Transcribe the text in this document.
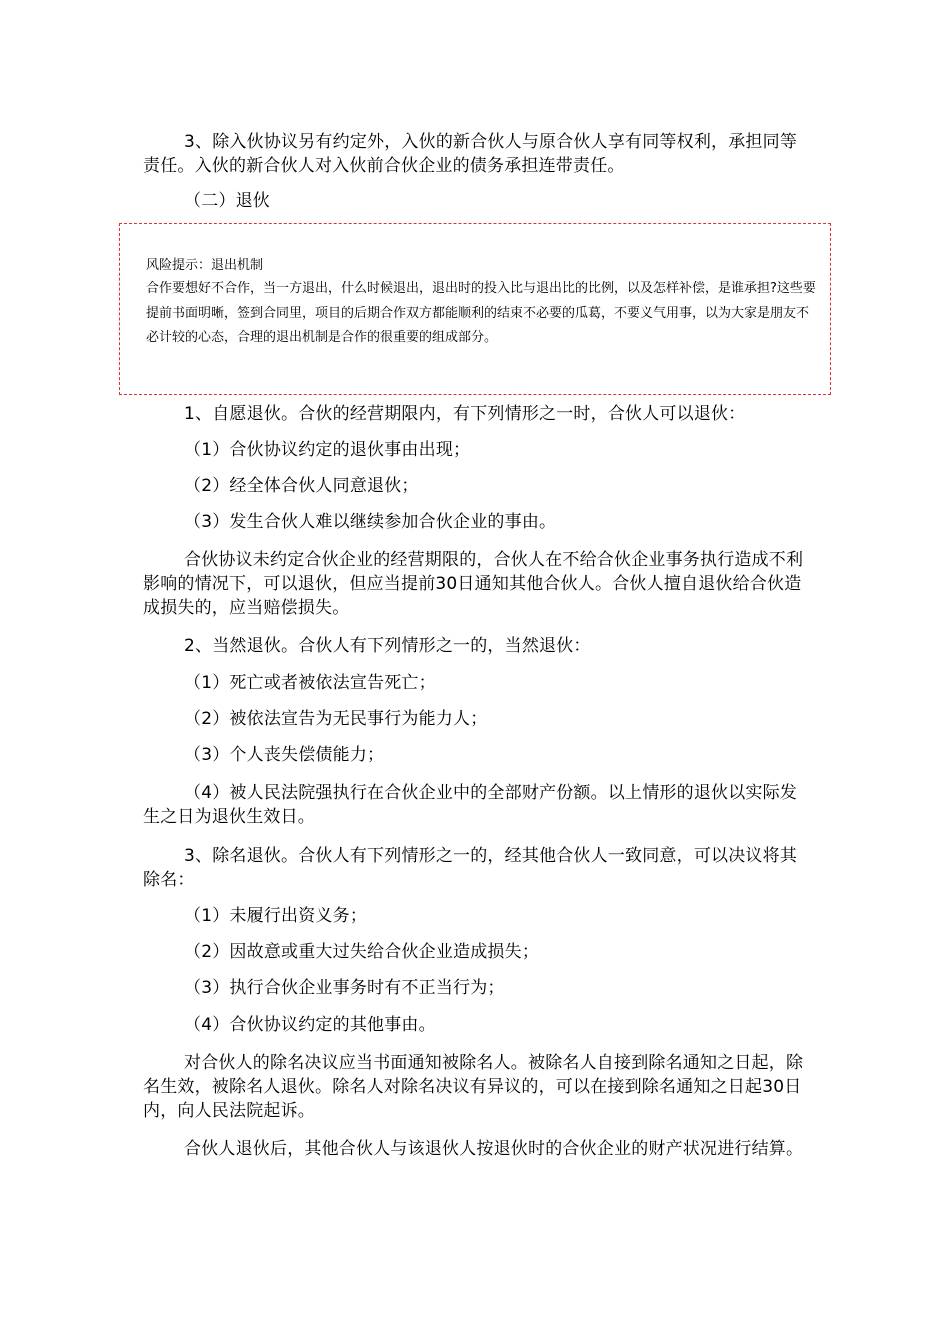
3、除入伙协议另有约定外，入伙的新合伙人与原合伙人享有同等权利，承担同等责任。入伙的新合伙人对入伙前合伙企业的债务承担连带责任。

（二）退伙

风险提示：退出机制

合作要想好不合作，当一方退出，什么时候退出，退出时的投入比与退出比的比例，以及怎样补偿，是谁承担?这些要提前书面明晰，签到合同里，项目的后期合作双方都能顺利的结束不必要的瓜葛，不要义气用事，以为大家是朋友不必计较的心态，合理的退出机制是合作的很重要的组成部分。

1、自愿退伙。合伙的经营期限内，有下列情形之一时，合伙人可以退伙：

（1）合伙协议约定的退伙事由出现；

（2）经全体合伙人同意退伙；

（3）发生合伙人难以继续参加合伙企业的事由。

合伙协议未约定合伙企业的经营期限的，合伙人在不给合伙企业事务执行造成不利影响的情况下，可以退伙，但应当提前30日通知其他合伙人。合伙人擅自退伙给合伙造成损失的，应当赔偿损失。

2、当然退伙。合伙人有下列情形之一的，当然退伙：

（1）死亡或者被依法宣告死亡；

（2）被依法宣告为无民事行为能力人；

（3）个人丧失偿债能力；

（4）被人民法院强执行在合伙企业中的全部财产份额。以上情形的退伙以实际发生之日为退伙生效日。

3、除名退伙。合伙人有下列情形之一的，经其他合伙人一致同意，可以决议将其除名：

（1）未履行出资义务；

（2）因故意或重大过失给合伙企业造成损失；

（3）执行合伙企业事务时有不正当行为；

（4）合伙协议约定的其他事由。

对合伙人的除名决议应当书面通知被除名人。被除名人自接到除名通知之日起，除名生效，被除名人退伙。除名人对除名决议有异议的，可以在接到除名通知之日起30日内，向人民法院起诉。

合伙人退伙后，其他合伙人与该退伙人按退伙时的合伙企业的财产状况进行结算。
